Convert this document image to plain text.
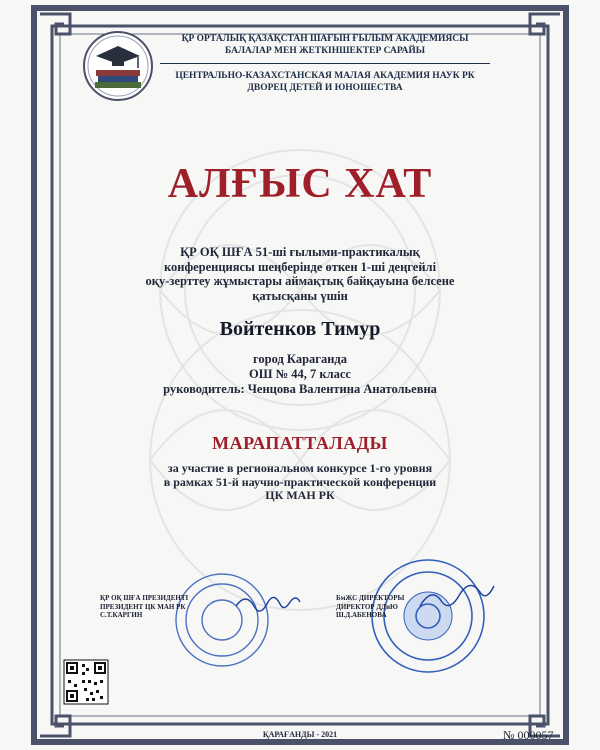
ҚР ОРТАЛЫҚ ҚАЗАҚСТАН ШАҒЫН ҒЫЛЫМ АКАДЕМИЯСЫ
БАЛАЛАР МЕН ЖЕТКІНШЕКТЕР САРАЙЫ
ЦЕНТРАЛЬНО-КАЗАХСТАНСКАЯ МАЛАЯ АКАДЕМИЯ НАУК РК
ДВОРЕЦ ДЕТЕЙ И ЮНОШЕСТВА
АЛҒЫС ХАТ
ҚР ОҚ ШҒА 51-ші ғылыми-практикалық
конференциясы шеңберінде өткен 1-ші деңгейлі
оқу-зерттеу жұмыстары аймақтық байқауына белсене
қатысқаны үшін
Войтенков Тимур
город Караганда
ОШ № 44, 7 класс
руководитель: Ченцова Валентина Анатольевна
МАРАПАТТАЛАДЫ
за участие в региональном конкурсе 1-го уровня
в рамках 51-й научно-практической конференции
ЦК МАН РК
ҚР ОҚ ШҒА ПРЕЗИДЕНТІ
ПРЕЗИДЕНТ ЦК МАН РК
С.Т.КАРГИН
БмЖС ДИРЕКТОРЫ
ДИРЕКТОР ДДиЮ
Ш.Д.АБЕНОВА
ҚАРАҒАНДЫ - 2021	№ 000057
